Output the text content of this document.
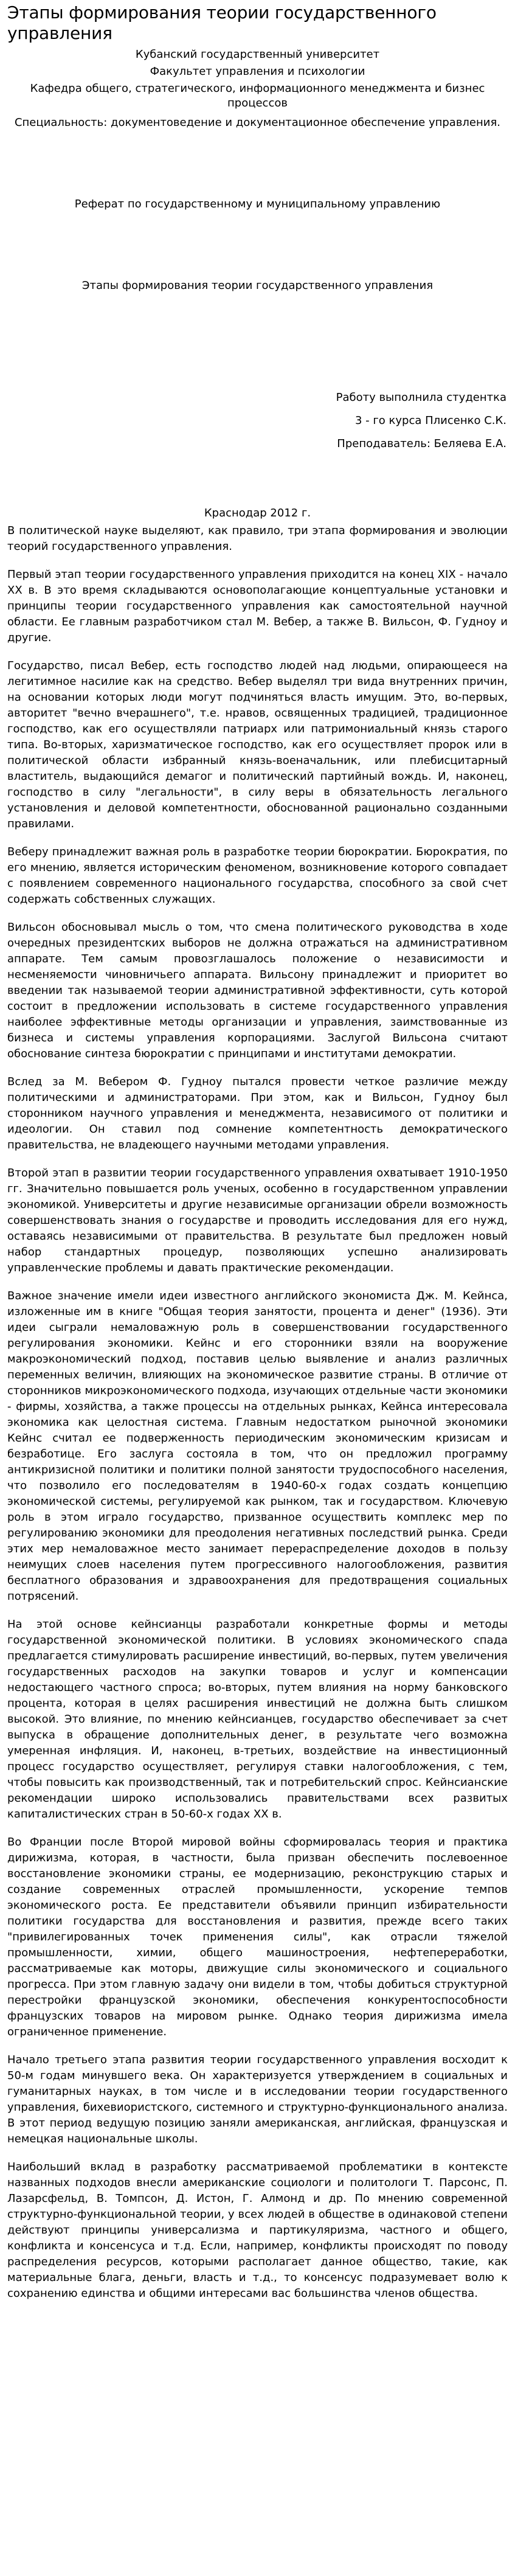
Этапы формирования теории государственного управления
Кубанский государственный университет
Факультет управления и психологии
Кафедра общего, стратегического, информационного менеджмента и бизнес процессов
Специальность: документоведение и документационное обеспечение управления.
Реферат по государственному и муниципальному управлению
Этапы формирования теории государственного управления
Работу выполнила студентка
3 - го курса Плисенко С.К.
Преподаватель: Беляева Е.А.
Краснодар 2012 г.

В политической науке выделяют, как правило, три этапа формирования и эволюции теорий государственного управления.

Первый этап теории государственного управления приходится на конец XIX - начало XX в. В это время складываются основополагающие концептуальные установки и принципы теории государственного управления как самостоятельной научной области. Ее главным разработчиком стал М. Вебер, а также В. Вильсон, Ф. Гудноу и другие.

Государство, писал Вебер, есть господство людей над людьми, опирающееся на легитимное насилие как на средство. Вебер выделял три вида внутренних причин, на основании которых люди могут подчиняться власть имущим. Это, во-первых, авторитет "вечно вчерашнего", т.е. нравов, освященных традицией, традиционное господство, как его осуществляли патриарх или патримониальный князь старого типа. Во-вторых, харизматическое господство, как его осуществляет пророк или в политической области избранный князь-военачальник, или плебисцитарный властитель, выдающийся демагог и политический партийный вождь. И, наконец, господство в силу "легальности", в силу веры в обязательность легального установления и деловой компетентности, обоснованной рационально созданными правилами.

Веберу принадлежит важная роль в разработке теории бюрократии. Бюрократия, по его мнению, является историческим феноменом, возникновение которого совпадает с появлением современного национального государства, способного за свой счет содержать собственных служащих.

Вильсон обосновывал мысль о том, что смена политического руководства в ходе очередных президентских выборов не должна отражаться на административном аппарате. Тем самым провозглашалось положение о независимости и несменяемости чиновничьего аппарата. Вильсону принадлежит и приоритет во введении так называемой теории административной эффективности, суть которой состоит в предложении использовать в системе государственного управления наиболее эффективные методы организации и управления, заимствованные из бизнеса и системы управления корпорациями. Заслугой Вильсона считают обоснование синтеза бюрократии с принципами и институтами демократии.

Вслед за М. Вебером Ф. Гудноу пытался провести четкое различие между политическими и администраторами. При этом, как и Вильсон, Гудноу был сторонником научного управления и менеджмента, независимого от политики и идеологии. Он ставил под сомнение компетентность демократического правительства, не владеющего научными методами управления.

Второй этап в развитии теории государственного управления охватывает 1910-1950 гг. Значительно повышается роль ученых, особенно в государственном управлении экономикой. Университеты и другие независимые организации обрели возможность совершенствовать знания о государстве и проводить исследования для его нужд, оставаясь независимыми от правительства. В результате был предложен новый набор стандартных процедур, позволяющих успешно анализировать управленческие проблемы и давать практические рекомендации.

Важное значение имели идеи известного английского экономиста Дж. М. Кейнса, изложенные им в книге "Общая теория занятости, процента и денег" (1936). Эти идеи сыграли немаловажную роль в совершенствовании государственного регулирования экономики. Кейнс и его сторонники взяли на вооружение макроэкономический подход, поставив целью выявление и анализ различных переменных величин, влияющих на экономическое развитие страны. В отличие от сторонников микроэкономического подхода, изучающих отдельные части экономики - фирмы, хозяйства, а также процессы на отдельных рынках, Кейнса интересовала экономика как целостная система. Главным недостатком рыночной экономики Кейнс считал ее подверженность периодическим экономическим кризисам и безработице. Его заслуга состояла в том, что он предложил программу антикризисной политики и политики полной занятости трудоспособного населения, что позволило его последователям в 1940-60-х годах создать концепцию экономической системы, регулируемой как рынком, так и государством. Ключевую роль в этом играло государство, призванное осуществить комплекс мер по регулированию экономики для преодоления негативных последствий рынка. Среди этих мер немаловажное место занимает перераспределение доходов в пользу неимущих слоев населения путем прогрессивного налогообложения, развития бесплатного образования и здравоохранения для предотвращения социальных потрясений.

На этой основе кейнсианцы разработали конкретные формы и методы государственной экономической политики. В условиях экономического спада предлагается стимулировать расширение инвестиций, во-первых, путем увеличения государственных расходов на закупки товаров и услуг и компенсации недостающего частного спроса; во-вторых, путем влияния на норму банковского процента, которая в целях расширения инвестиций не должна быть слишком высокой. Это влияние, по мнению кейнсианцев, государство обеспечивает за счет выпуска в обращение дополнительных денег, в результате чего возможна умеренная инфляция. И, наконец, в-третьих, воздействие на инвестиционный процесс государство осуществляет, регулируя ставки налогообложения, с тем, чтобы повысить как производственный, так и потребительский спрос. Кейнсианские рекомендации широко использовались правительствами всех развитых капиталистических стран в 50-60-х годах XX в.

Во Франции после Второй мировой войны сформировалась теория и практика дирижизма, которая, в частности, была призван обеспечить послевоенное восстановление экономики страны, ее модернизацию, реконструкцию старых и создание современных отраслей промышленности, ускорение темпов экономического роста. Ее представители объявили принцип избирательности политики государства для восстановления и развития, прежде всего таких "привилегированных точек применения силы", как отрасли тяжелой промышленности, химии, общего машиностроения, нефтепереработки, рассматриваемые как моторы, движущие силы экономического и социального прогресса. При этом главную задачу они видели в том, чтобы добиться структурной перестройки французской экономики, обеспечения конкурентоспособности французских товаров на мировом рынке. Однако теория дирижизма имела ограниченное применение.

Начало третьего этапа развития теории государственного управления восходит к 50-м годам минувшего века. Он характеризуется утверждением в социальных и гуманитарных науках, в том числе и в исследовании теории государственного управления, бихевиористского, системного и структурно-функционального анализа. В этот период ведущую позицию заняли американская, английская, французская и немецкая национальные школы.

Наибольший вклад в разработку рассматриваемой проблематики в контексте названных подходов внесли американские социологи и политологи Т. Парсонс, П. Лазарсфельд, В. Томпсон, Д. Истон, Г. Алмонд и др. По мнению современной структурно-функциональной теории, у всех людей в обществе в одинаковой степени действуют принципы универсализма и партикуляризма, частного и общего, конфликта и консенсуса и т.д. Если, например, конфликты происходят по поводу распределения ресурсов, которыми располагает данное общество, такие, как материальные блага, деньги, власть и т.д., то консенсус подразумевает волю к сохранению единства и общими интересами вас большинства членов общества.
